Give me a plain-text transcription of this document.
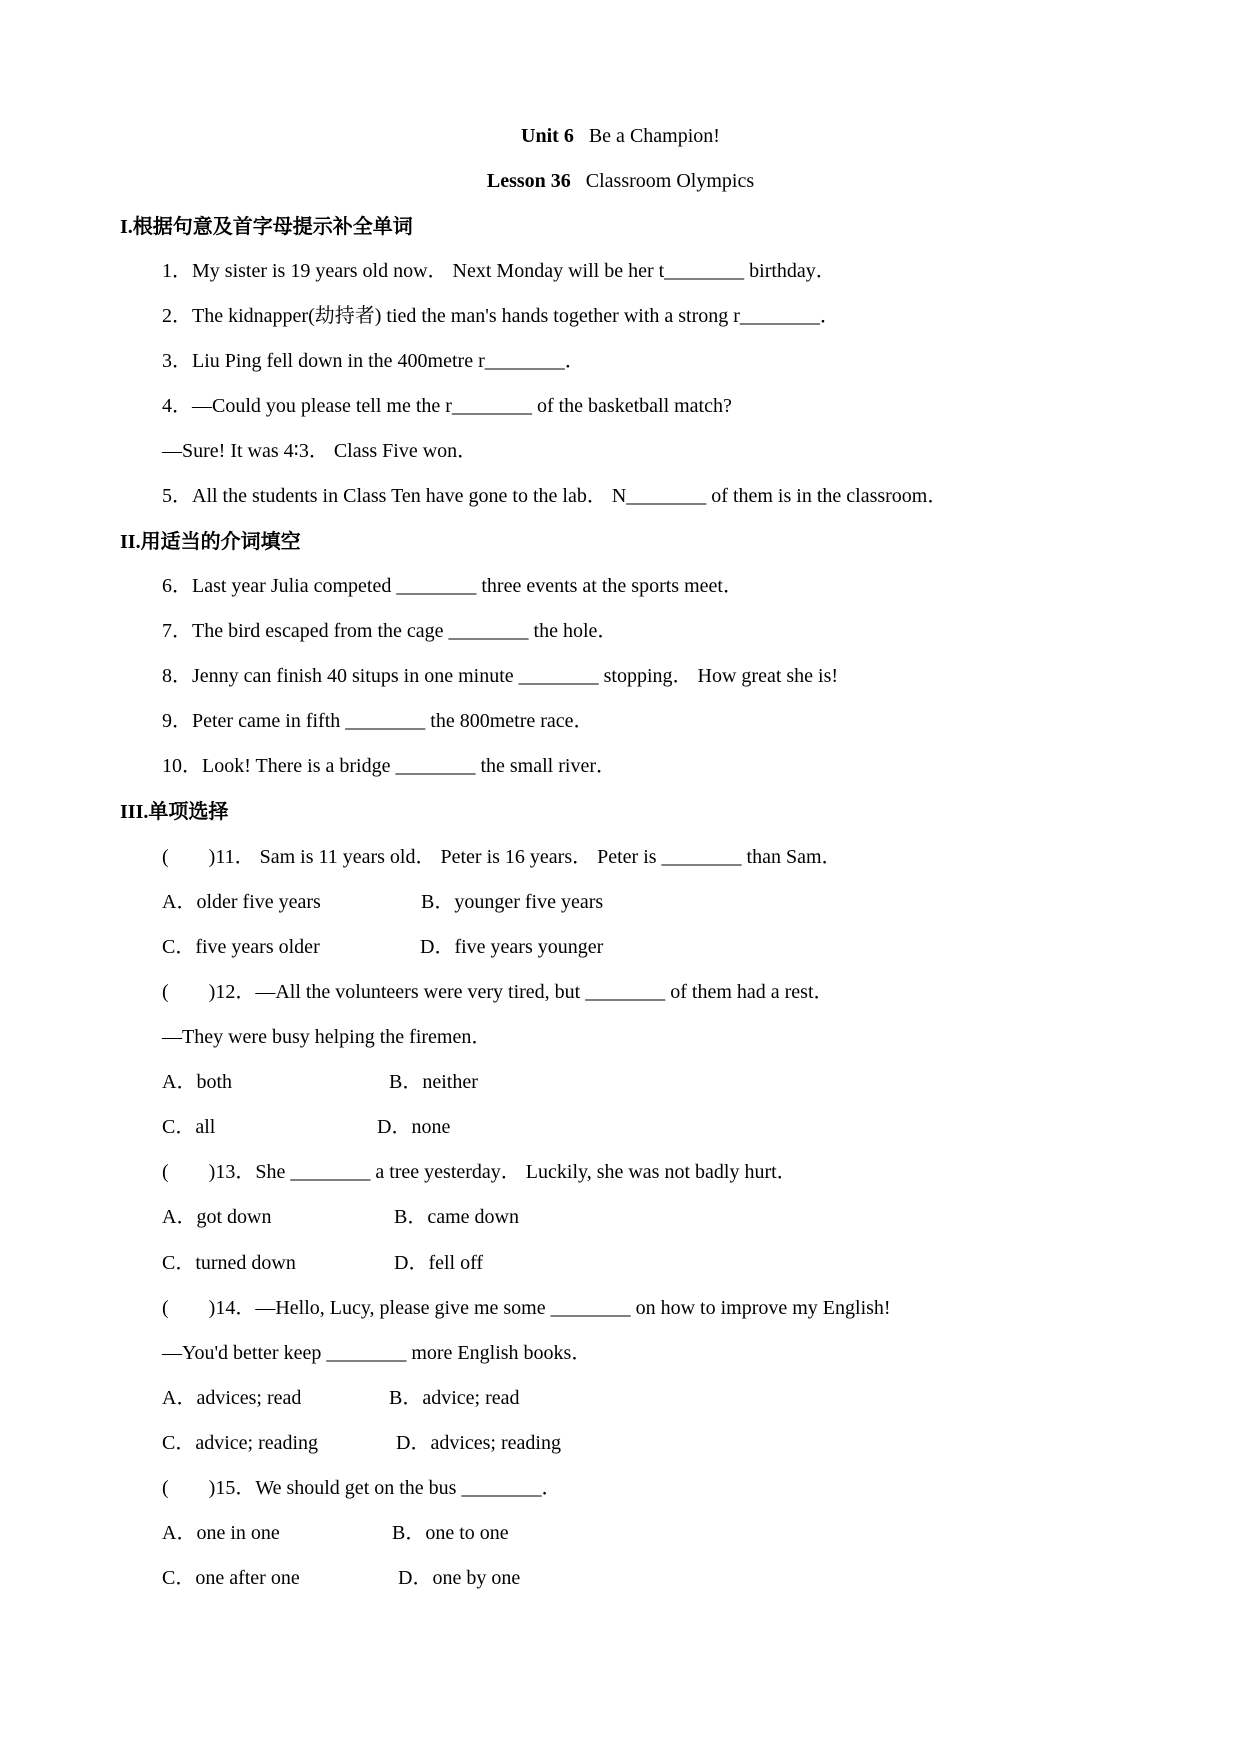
Unit 6 Be a Champion!
Lesson 36 Classroom Olympics
I.根据句意及首字母提示补全单词
1．My sister is 19 years old now． Next Monday will be her t________ birthday．
2．The kidnapper(劫持者) tied the man's hands together with a strong r________．
3．Liu Ping fell down in the 400metre r________．
4．—Could you please tell me the r________ of the basketball match?
—Sure! It was 4∶3． Class Five won．
5．All the students in Class Ten have gone to the lab． N________ of them is in the classroom．
II.用适当的介词填空
6．Last year Julia competed ________ three events at the sports meet．
7．The bird escaped from the cage ________ the hole．
8．Jenny can finish 40 situps in one minute ________ stopping． How great she is!
9．Peter came in fifth ________ the 800metre race．
10．Look! There is a bridge ________ the small river．
III.单项选择
(　　)11． Sam is 11 years old． Peter is 16 years． Peter is ________ than Sam．
A．older five years	B．younger five years
C．five years older	D．five years younger
(　　)12．—All the volunteers were very tired, but ________ of them had a rest．
—They were busy helping the firemen．
A．both	B．neither
C．all	D．none
(　　)13．She ________ a tree yesterday． Luckily, she was not badly hurt．
A．got down	B．came down
C．turned down	D．fell off
(　　)14．—Hello, Lucy, please give me some ________ on how to improve my English!
—You'd better keep ________ more English books．
A．advices; read	B．advice; read
C．advice; reading	D．advices; reading
(　　)15．We should get on the bus ________．
A．one in one	B．one to one
C．one after one	D．one by one
